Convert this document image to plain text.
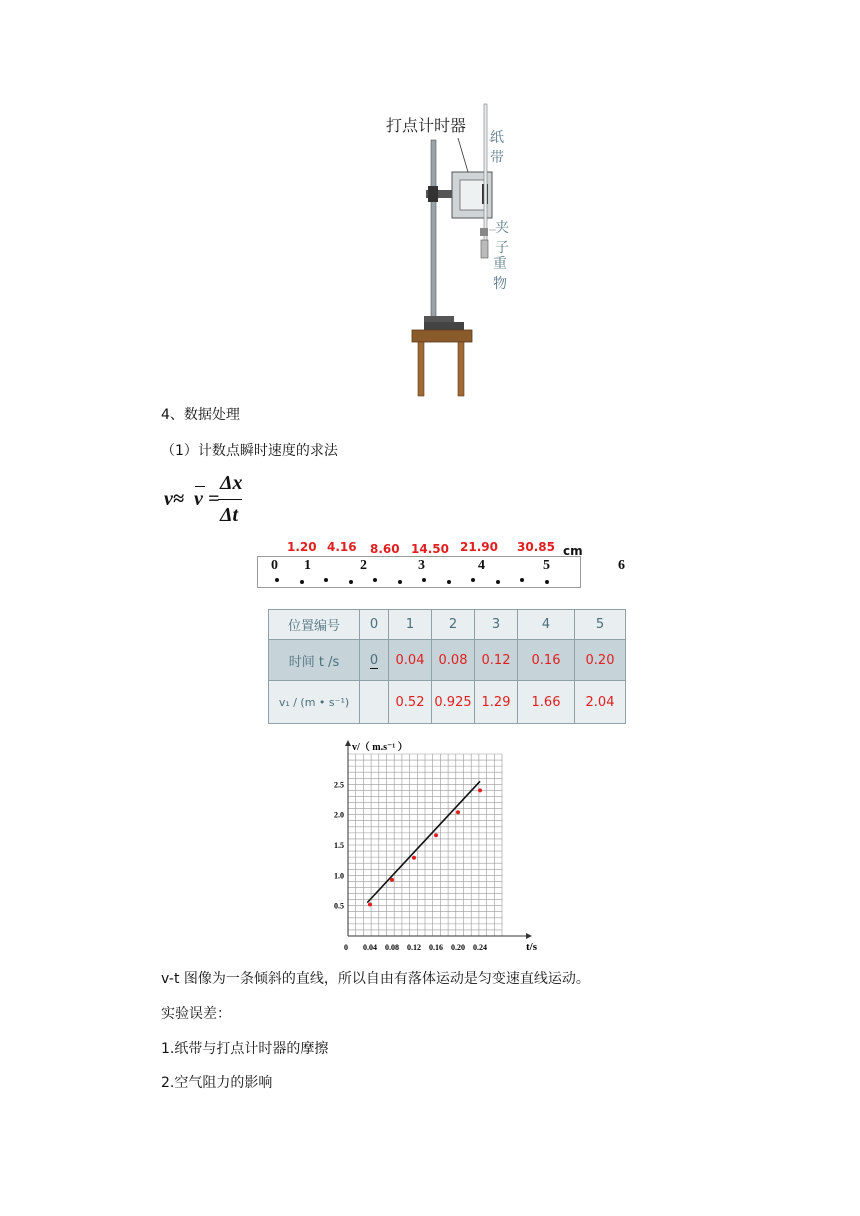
打点计时器
纸带
夹子
重物
4、数据处理
（1）计数点瞬时速度的求法
v≈ v =
Δx
Δt
1.20 4.16 8.60 14.50 21.90 30.85 cm
0 1	2	3	4	5	6
位置编号	0	1	2	3	4	5
时间 t /s	0	0.04	0.08	0.12	0.16	0.20
v₁ / (m • s⁻¹)		0.52	0.925	1.29	1.66	2.04
0.04 0.08 0.12 0.16 0.20 0.24
0.5
1.0
1.5
2.0
2.5
0	t/s
v/（ m.s⁻¹ ）
v-t 图像为一条倾斜的直线，所以自由有落体运动是匀变速直线运动。
实验误差：
1.纸带与打点计时器的摩擦
2.空气阻力的影响
